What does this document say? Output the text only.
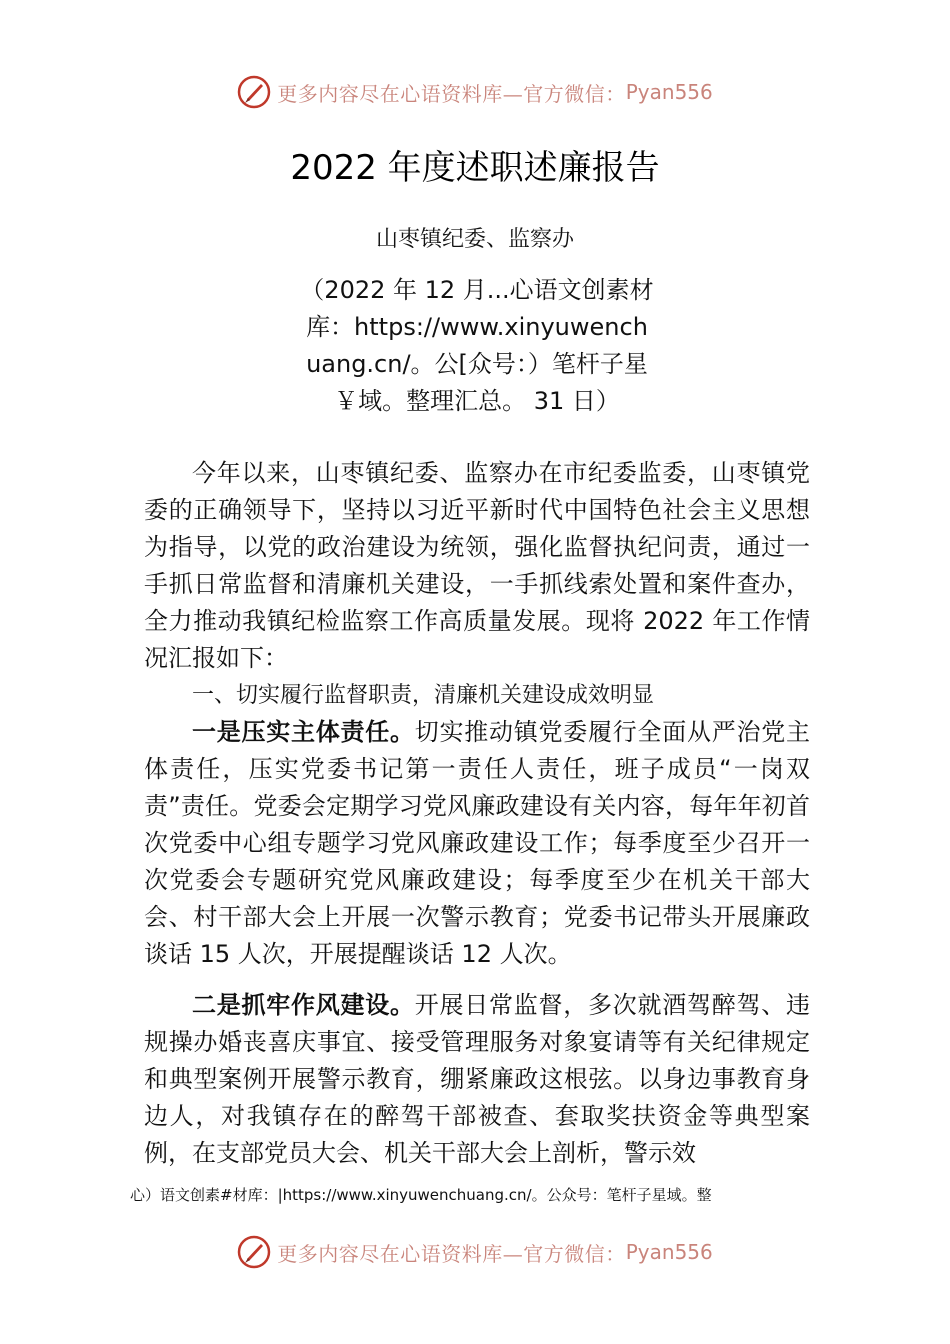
更多内容尽在心语资料库—官方微信： Pyan556
2022 年度述职述廉报告
山枣镇纪委、监察办
（2022 年 12 月...心语文创素材
库：https://www.xinyuwench
uang.cn/。公[众号：）笔杆子星
￥域。整理汇总。 31 日）

今年以来，山枣镇纪委、监察办在市纪委监委，山枣镇党委的正确领导下，坚持以习近平新时代中国特色社会主义思想为指导，以党的政治建设为统领，强化监督执纪问责，通过一手抓日常监督和清廉机关建设，一手抓线索处置和案件查办，全力推动我镇纪检监察工作高质量发展。现将 2022 年工作情况汇报如下：

一、切实履行监督职责，清廉机关建设成效明显

一是压实主体责任。切实推动镇党委履行全面从严治党主体责任，压实党委书记第一责任人责任，班子成员“一岗双责”责任。党委会定期学习党风廉政建设有关内容，每年年初首次党委中心组专题学习党风廉政建设工作；每季度至少召开一次党委会专题研究党风廉政建设；每季度至少在机关干部大会、村干部大会上开展一次警示教育；党委书记带头开展廉政谈话 15 人次，开展提醒谈话 12 人次。

二是抓牢作风建设。开展日常监督，多次就酒驾醉驾、违规操办婚丧喜庆事宜、接受管理服务对象宴请等有关纪律规定和典型案例开展警示教育，绷紧廉政这根弦。以身边事教育身边人，对我镇存在的醉驾干部被查、套取奖扶资金等典型案例，在支部党员大会、机关干部大会上剖析，警示效

心）语文创素#材库：|https://www.xinyuwenchuang.cn/。公众号：笔杆子星域。整
更多内容尽在心语资料库—官方微信： Pyan556
